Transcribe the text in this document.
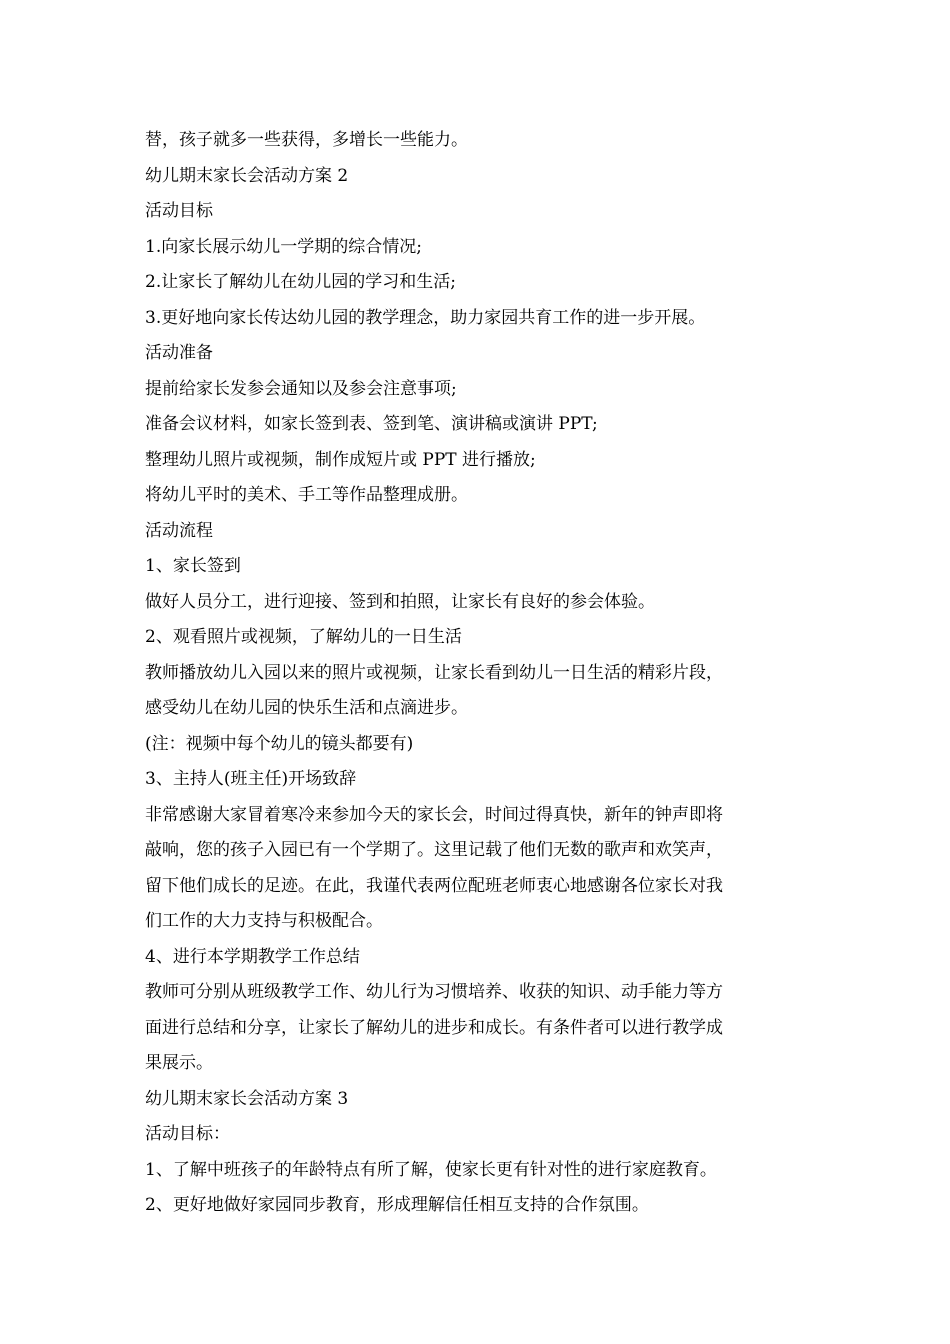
替，孩子就多一些获得，多增长一些能力。

幼儿期末家长会活动方案 2

活动目标

1.向家长展示幼儿一学期的综合情况;

2.让家长了解幼儿在幼儿园的学习和生活;

3.更好地向家长传达幼儿园的教学理念，助力家园共育工作的进一步开展。

活动准备

提前给家长发参会通知以及参会注意事项;

准备会议材料，如家长签到表、签到笔、演讲稿或演讲 PPT;

整理幼儿照片或视频，制作成短片或 PPT 进行播放;

将幼儿平时的美术、手工等作品整理成册。

活动流程

1、家长签到

做好人员分工，进行迎接、签到和拍照，让家长有良好的参会体验。

2、观看照片或视频，了解幼儿的一日生活

教师播放幼儿入园以来的照片或视频，让家长看到幼儿一日生活的精彩片段，

感受幼儿在幼儿园的快乐生活和点滴进步。

(注：视频中每个幼儿的镜头都要有)

3、主持人(班主任)开场致辞

非常感谢大家冒着寒冷来参加今天的家长会，时间过得真快，新年的钟声即将

敲响，您的孩子入园已有一个学期了。这里记载了他们无数的歌声和欢笑声，

留下他们成长的足迹。在此，我谨代表两位配班老师衷心地感谢各位家长对我

们工作的大力支持与积极配合。

4、进行本学期教学工作总结

教师可分别从班级教学工作、幼儿行为习惯培养、收获的知识、动手能力等方

面进行总结和分享，让家长了解幼儿的进步和成长。有条件者可以进行教学成

果展示。

幼儿期末家长会活动方案 3

活动目标：

1、了解中班孩子的年龄特点有所了解，使家长更有针对性的进行家庭教育。

2、更好地做好家园同步教育，形成理解信任相互支持的合作氛围。
